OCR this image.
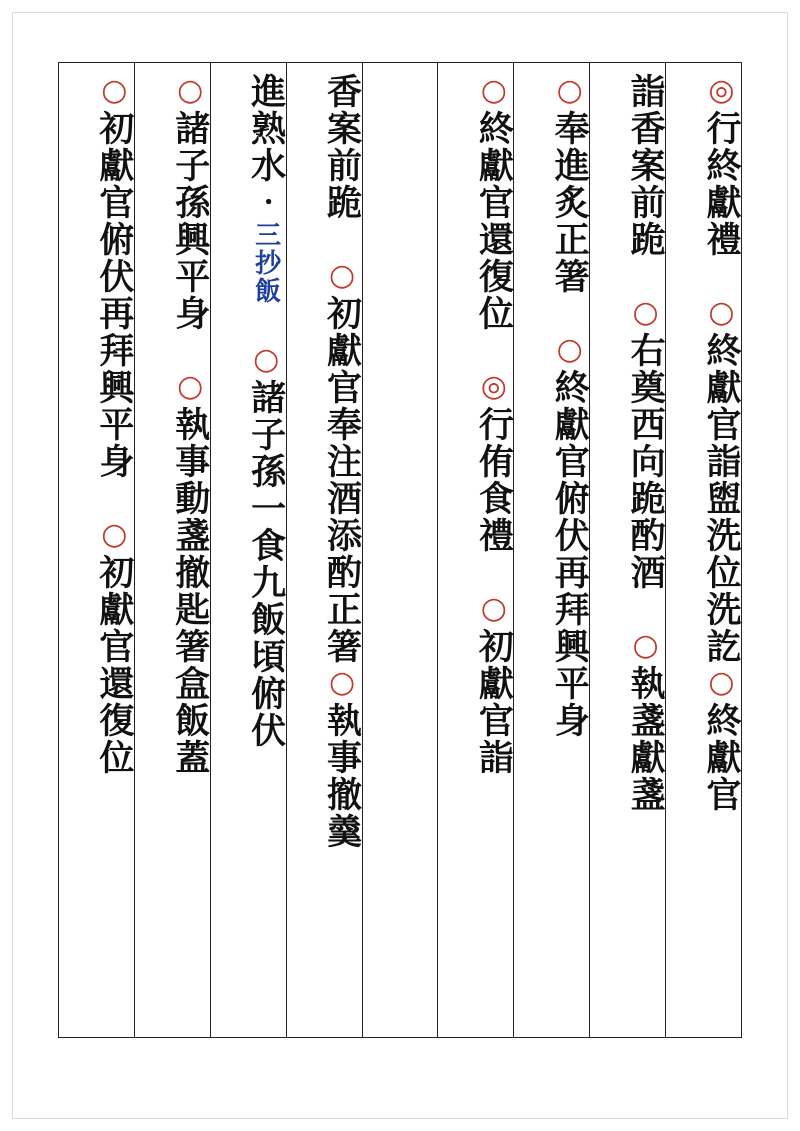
◎行終獻禮 ○終獻官詣盥洗位洗訖○終獻官
詣香案前跪 ○右奠西向跪酌酒 ○執盞獻盞
○奉進炙正箸 ○終獻官俯伏再拜興平身
○終獻官還復位 ◎行侑食禮 ○初獻官詣
香案前跪 ○初獻官奉注酒添酌正箸○執事撤羹
進熟水‧三抄飯 ○諸子孫一食九飯頃俯伏
○諸子孫興平身 ○執事動盞撤匙箸盒飯蓋
○初獻官俯伏再拜興平身 ○初獻官還復位
